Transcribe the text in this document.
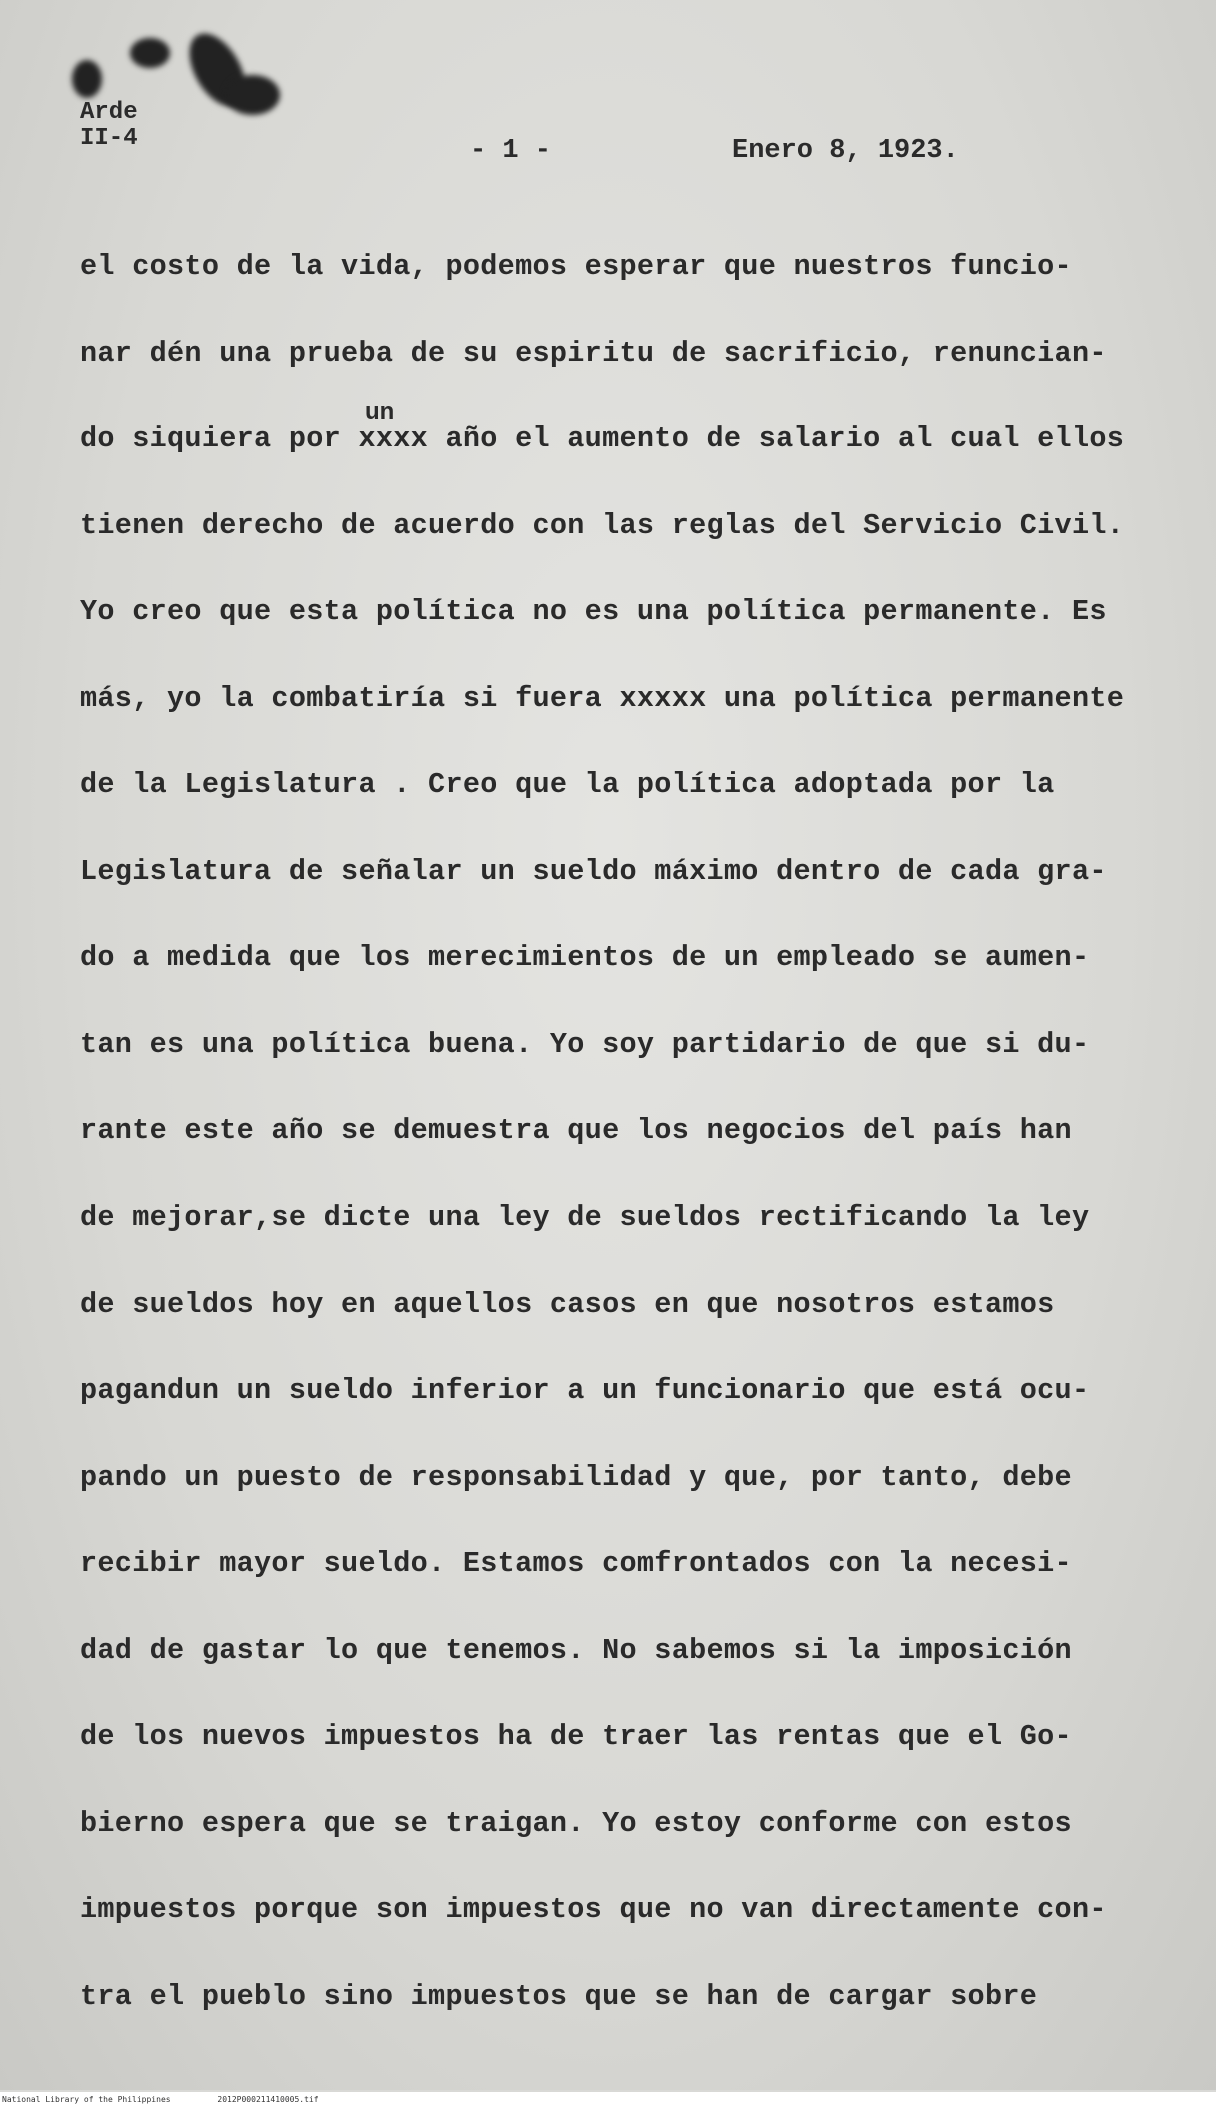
Arde
II-4	- 1 -	Enero 8, 1923.
un
el costo de la vida, podemos esperar que nuestros funcio-
nar dén una prueba de su espiritu de sacrificio, renuncian-
do siquiera por xxxx año el aumento de salario al cual ellos
tienen derecho de acuerdo con las reglas del Servicio Civil.
Yo creo que esta política no es una política permanente. Es
más, yo la combatiría si fuera xxxxx una política permanente
de la Legislatura . Creo que la política adoptada por la
Legislatura de señalar un sueldo máximo dentro de cada gra-
do a medida que los merecimientos de un empleado se aumen-
tan es una política buena. Yo soy partidario de que si du-
rante este año se demuestra que los negocios del país han
de mejorar,se dicte una ley de sueldos rectificando la ley
de sueldos hoy en aquellos casos en que nosotros estamos
pagandun un sueldo inferior a un funcionario que está ocu-
pando un puesto de responsabilidad y que, por tanto, debe
recibir mayor sueldo. Estamos comfrontados con la necesi-
dad de gastar lo que tenemos. No sabemos si la imposición
de los nuevos impuestos ha de traer las rentas que el Go-
bierno espera que se traigan. Yo estoy conforme con estos
impuestos porque son impuestos que no van directamente con-
tra el pueblo sino impuestos que se han de cargar sobre
National Library of the Philippines	2012P000211410005.tif
